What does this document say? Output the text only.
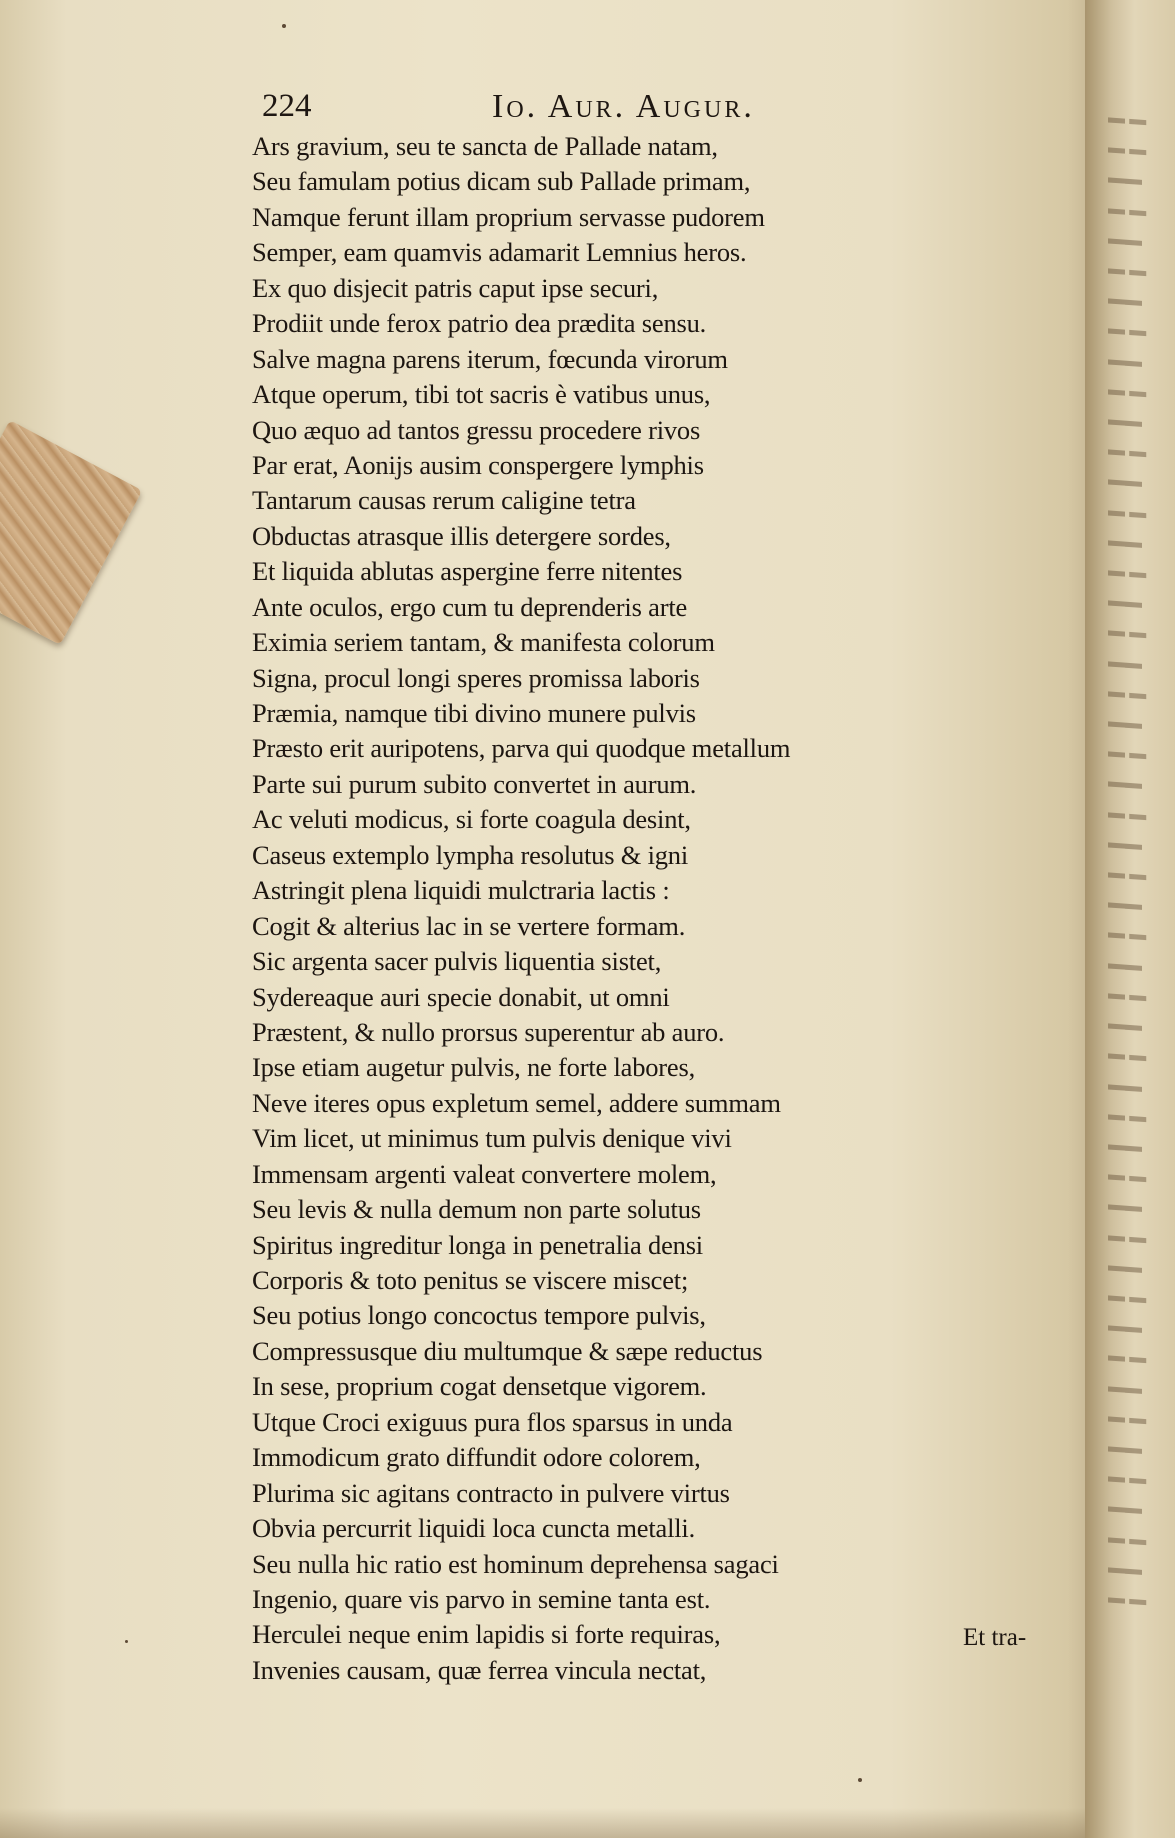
224	Io. Aur. Augur.
Ars gravium, seu te sancta de Pallade natam,
Seu famulam potius dicam sub Pallade primam,
Namque ferunt illam proprium servasse pudorem
Semper, eam quamvis adamarit Lemnius heros.
Ex quo disjecit patris caput ipse securi,
Prodiit unde ferox patrio dea prædita sensu.
Salve magna parens iterum, fœcunda virorum
Atque operum, tibi tot sacris è vatibus unus,
Quo æquo ad tantos gressu procedere rivos
Par erat, Aonijs ausim conspergere lymphis
Tantarum causas rerum caligine tetra
Obductas atrasque illis detergere sordes,
Et liquida ablutas aspergine ferre nitentes
Ante oculos, ergo cum tu deprenderis arte
Eximia seriem tantam, & manifesta colorum
Signa, procul longi speres promissa laboris
Præmia, namque tibi divino munere pulvis
Præsto erit auripotens, parva qui quodque metallum
Parte sui purum subito convertet in aurum.
Ac veluti modicus, si forte coagula desint,
Caseus extemplo lympha resolutus & igni
Astringit plena liquidi mulctraria lactis :
Cogit & alterius lac in se vertere formam.
Sic argenta sacer pulvis liquentia sistet,
Sydereaque auri specie donabit, ut omni
Præstent, & nullo prorsus superentur ab auro.
Ipse etiam augetur pulvis, ne forte labores,
Neve iteres opus expletum semel, addere summam
Vim licet, ut minimus tum pulvis denique vivi
Immensam argenti valeat convertere molem,
Seu levis & nulla demum non parte solutus
Spiritus ingreditur longa in penetralia densi
Corporis & toto penitus se viscere miscet;
Seu potius longo concoctus tempore pulvis,
Compressusque diu multumque & sæpe reductus
In sese, proprium cogat densetque vigorem.
Utque Croci exiguus pura flos sparsus in unda
Immodicum grato diffundit odore colorem,
Plurima sic agitans contracto in pulvere virtus
Obvia percurrit liquidi loca cuncta metalli.
Seu nulla hic ratio est hominum deprehensa sagaci
Ingenio, quare vis parvo in semine tanta est.
Herculei neque enim lapidis si forte requiras,
Invenies causam, quæ ferrea vincula nectat,
Et tra-
▬ ▬
▬ ▬
▬▬
▬ ▬
▬▬
▬ ▬
▬▬
▬ ▬
▬▬
▬ ▬
▬▬
▬ ▬
▬▬
▬ ▬
▬▬
▬ ▬
▬▬
▬ ▬
▬▬
▬ ▬
▬▬
▬ ▬
▬▬
▬ ▬
▬▬
▬ ▬
▬▬
▬ ▬
▬▬
▬ ▬
▬▬
▬ ▬
▬▬
▬ ▬
▬▬
▬ ▬
▬▬
▬ ▬
▬▬
▬ ▬
▬▬
▬ ▬
▬▬
▬ ▬
▬▬
▬ ▬
▬▬
▬ ▬
▬▬
▬ ▬
